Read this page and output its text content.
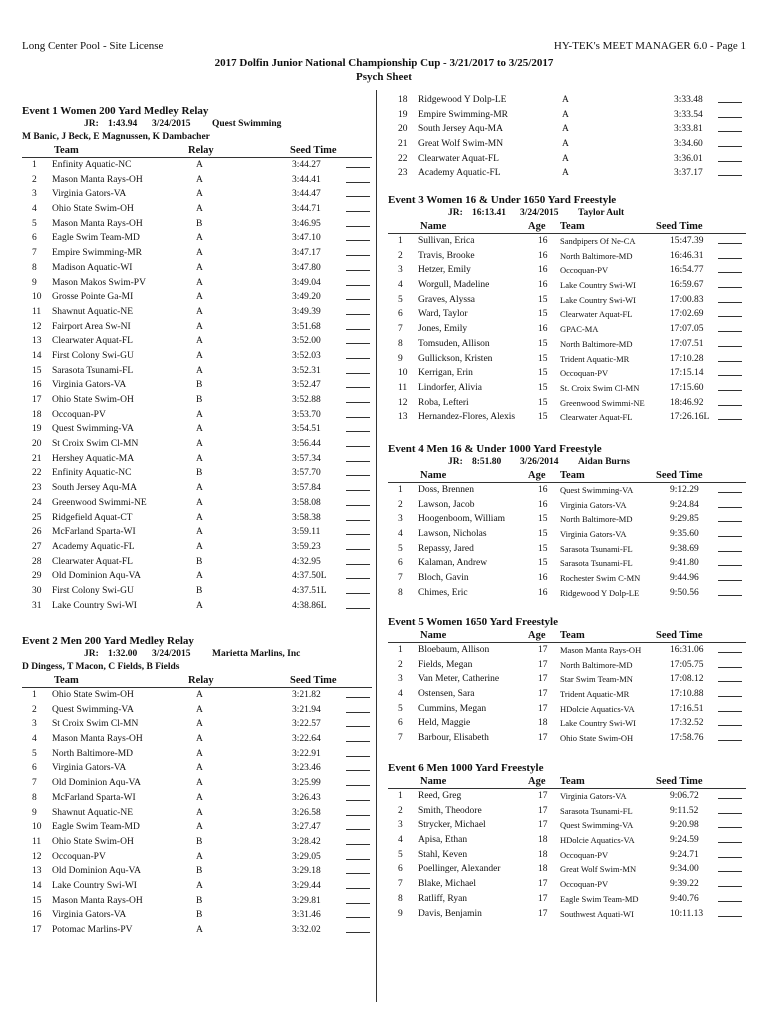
Long Center Pool - Site License	HY-TEK's MEET MANAGER 6.0 - Page 1
2017 Dolfin Junior National Championship Cup - 3/21/2017 to 3/25/2017
Psych Sheet
Event 1 Women 200 Yard Medley Relay
JR: 1:43.94 3/24/2015 Quest Swimming
M Banic, J Beck, E Magnussen, K Dambacher
Team	Relay	Seed Time
1 Enfinity Aquatic-NC	A	3:44.27
2 Mason Manta Rays-OH	A	3:44.41
3 Virginia Gators-VA	A	3:44.47
4 Ohio State Swim-OH	A	3:44.71
5 Mason Manta Rays-OH	B	3:46.95
6 Eagle Swim Team-MD	A	3:47.10
7 Empire Swimming-MR	A	3:47.17
8 Madison Aquatic-WI	A	3:47.80
9 Mason Makos Swim-PV	A	3:49.04
10 Grosse Pointe Ga-MI	A	3:49.20
11 Shawnut Aquatic-NE	A	3:49.39
12 Fairport Area Sw-NI	A	3:51.68
13 Clearwater Aquat-FL	A	3:52.00
14 First Colony Swi-GU	A	3:52.03
15 Sarasota Tsunami-FL	A	3:52.31
16 Virginia Gators-VA	B	3:52.47
17 Ohio State Swim-OH	B	3:52.88
18 Occoquan-PV	A	3:53.70
19 Quest Swimming-VA	A	3:54.51
20 St Croix Swim Cl-MN	A	3:56.44
21 Hershey Aquatic-MA	A	3:57.34
22 Enfinity Aquatic-NC	B	3:57.70
23 South Jersey Aqu-MA	A	3:57.84
24 Greenwood Swimmi-NE	A	3:58.08
25 Ridgefield Aquat-CT	A	3:58.38
26 McFarland Sparta-WI	A	3:59.11
27 Academy Aquatic-FL	A	3:59.23
28 Clearwater Aquat-FL	B	4:32.95
29 Old Dominion Aqu-VA	A	4:37.50L
30 First Colony Swi-GU	B	4:37.51L
31 Lake Country Swi-WI	A	4:38.86L
Event 2 Men 200 Yard Medley Relay
JR: 1:32.00 3/24/2015 Marietta Marlins, Inc
D Dingess, T Macon, C Fields, B Fields
Team	Relay	Seed Time
1 Ohio State Swim-OH	A	3:21.82
2 Quest Swimming-VA	A	3:21.94
3 St Croix Swim Cl-MN	A	3:22.57
4 Mason Manta Rays-OH	A	3:22.64
5 North Baltimore-MD	A	3:22.91
6 Virginia Gators-VA	A	3:23.46
7 Old Dominion Aqu-VA	A	3:25.99
8 McFarland Sparta-WI	A	3:26.43
9 Shawnut Aquatic-NE	A	3:26.58
10 Eagle Swim Team-MD	A	3:27.47
11 Ohio State Swim-OH	B	3:28.42
12 Occoquan-PV	A	3:29.05
13 Old Dominion Aqu-VA	B	3:29.18
14 Lake Country Swi-WI	A	3:29.44
15 Mason Manta Rays-OH	B	3:29.81
16 Virginia Gators-VA	B	3:31.46
17 Potomac Marlins-PV	A	3:32.02
18 Ridgewood Y Dolp-LE	A	3:33.48
19 Empire Swimming-MR	A	3:33.54
20 South Jersey Aqu-MA	A	3:33.81
21 Great Wolf Swim-MN	A	3:34.60
22 Clearwater Aquat-FL	A	3:36.01
23 Academy Aquatic-FL	A	3:37.17
Event 3 Women 16 & Under 1650 Yard Freestyle
JR: 16:13.41 3/24/2015 Taylor Ault
Name	Age Team	Seed Time
1 Sullivan, Erica	16 Sandpipers Of Ne-CA	15:47.39
2 Travis, Brooke	16 North Baltimore-MD	16:46.31
3 Hetzer, Emily	16 Occoquan-PV	16:54.77
4 Worgull, Madeline	16 Lake Country Swi-WI	16:59.67
5 Graves, Alyssa	15 Lake Country Swi-WI	17:00.83
6 Ward, Taylor	15 Clearwater Aquat-FL	17:02.69
7 Jones, Emily	16 GPAC-MA	17:07.05
8 Tomsuden, Allison	15 North Baltimore-MD	17:07.51
9 Gullickson, Kristen	15 Trident Aquatic-MR	17:10.28
10 Kerrigan, Erin	15 Occoquan-PV	17:15.14
11 Lindorfer, Alivia	15 St. Croix Swim Cl-MN	17:15.60
12 Roba, Lefteri	15 Greenwood Swimmi-NE	18:46.92
13 Hernandez-Flores, Alexis 15 Clearwater Aquat-FL	17:26.16L
Event 4 Men 16 & Under 1000 Yard Freestyle
JR: 8:51.80 3/26/2014 Aidan Burns
Name	Age Team	Seed Time
1 Doss, Brennen	16 Quest Swimming-VA	9:12.29
2 Lawson, Jacob	16 Virginia Gators-VA	9:24.84
3 Hoogenboom, William	15 North Baltimore-MD	9:29.85
4 Lawson, Nicholas	15 Virginia Gators-VA	9:35.60
5 Repassy, Jared	15 Sarasota Tsunami-FL	9:38.69
6 Kalaman, Andrew	15 Sarasota Tsunami-FL	9:41.80
7 Bloch, Gavin	16 Rochester Swim C-MN	9:44.96
8 Chimes, Eric	16 Ridgewood Y Dolp-LE	9:50.56
Event 5 Women 1650 Yard Freestyle
Name	Age Team	Seed Time
1 Bloebaum, Allison	17 Mason Manta Rays-OH	16:31.06
2 Fields, Megan	17 North Baltimore-MD	17:05.75
3 Van Meter, Catherine	17 Star Swim Team-MN	17:08.12
4 Ostensen, Sara	17 Trident Aquatic-MR	17:10.88
5 Cummins, Megan	17 HDolcie Aquatics-VA	17:16.51
6 Held, Maggie	18 Lake Country Swi-WI	17:32.52
7 Barbour, Elisabeth	17 Ohio State Swim-OH	17:58.76
Event 6 Men 1000 Yard Freestyle
Name	Age Team	Seed Time
1 Reed, Greg	17 Virginia Gators-VA	9:06.72
2 Smith, Theodore	17 Sarasota Tsunami-FL	9:11.52
3 Strycker, Michael	17 Quest Swimming-VA	9:20.98
4 Apisa, Ethan	18 HDolcie Aquatics-VA	9:24.59
5 Stahl, Keven	18 Occoquan-PV	9:24.71
6 Poellinger, Alexander	18 Great Wolf Swim-MN	9:34.00
7 Blake, Michael	17 Occoquan-PV	9:39.22
8 Ratliff, Ryan	17 Eagle Swim Team-MD	9:40.76
9 Davis, Benjamin	17 Southwest Aquati-WI	10:11.13
